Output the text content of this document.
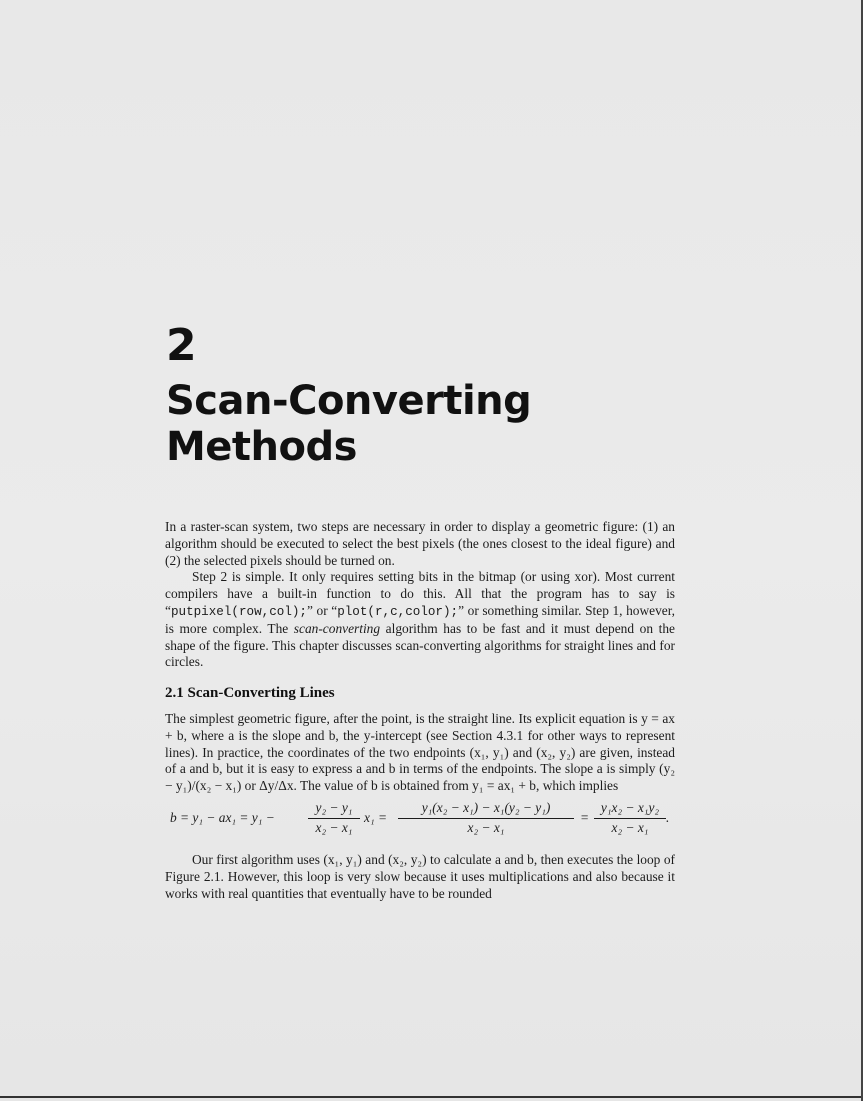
2
Scan-Converting
Methods

In a raster-scan system, two steps are necessary in order to display a geometric figure: (1) an algorithm should be executed to select the best pixels (the ones closest to the ideal figure) and (2) the selected pixels should be turned on.

Step 2 is simple. It only requires setting bits in the bitmap (or using xor). Most current compilers have a built-in function to do this. All that the program has to say is “putpixel(row,col);” or “plot(r,c,color);” or something similar. Step 1, however, is more complex. The scan-converting algorithm has to be fast and it must depend on the shape of the figure. This chapter discusses scan-converting algorithms for straight lines and for circles.

2.1 Scan-Converting Lines

The simplest geometric figure, after the point, is the straight line. Its explicit equation is y = ax + b, where a is the slope and b, the y-intercept (see Section 4.3.1 for other ways to represent lines). In practice, the coordinates of the two endpoints (x₁, y₁) and (x₂, y₂) are given, instead of a and b, but it is easy to express a and b in terms of the endpoints. The slope a is simply (y₂ − y₁)/(x₂ − x₁) or Δy/Δx. The value of b is obtained from y₁ = ax₁ + b, which implies

$b = y_1 - ax_1 = y_1 - \frac{\text{y₂ − y₁}}{\text{x₂ − x₁}} x_1 = \frac{\text{y₁(x₂ − x₁) − x₁(y₂ − y₁)}}{\text{x₂ − x₁}} = \frac{\text{y₁x₂ − x₁y₂}}{\text{x₂ − x₁}}$ .

Our first algorithm uses (x₁, y₁) and (x₂, y₂) to calculate a and b, then executes the loop of Figure 2.1. However, this loop is very slow because it uses multiplications and also because it works with real quantities that eventually have to be rounded
